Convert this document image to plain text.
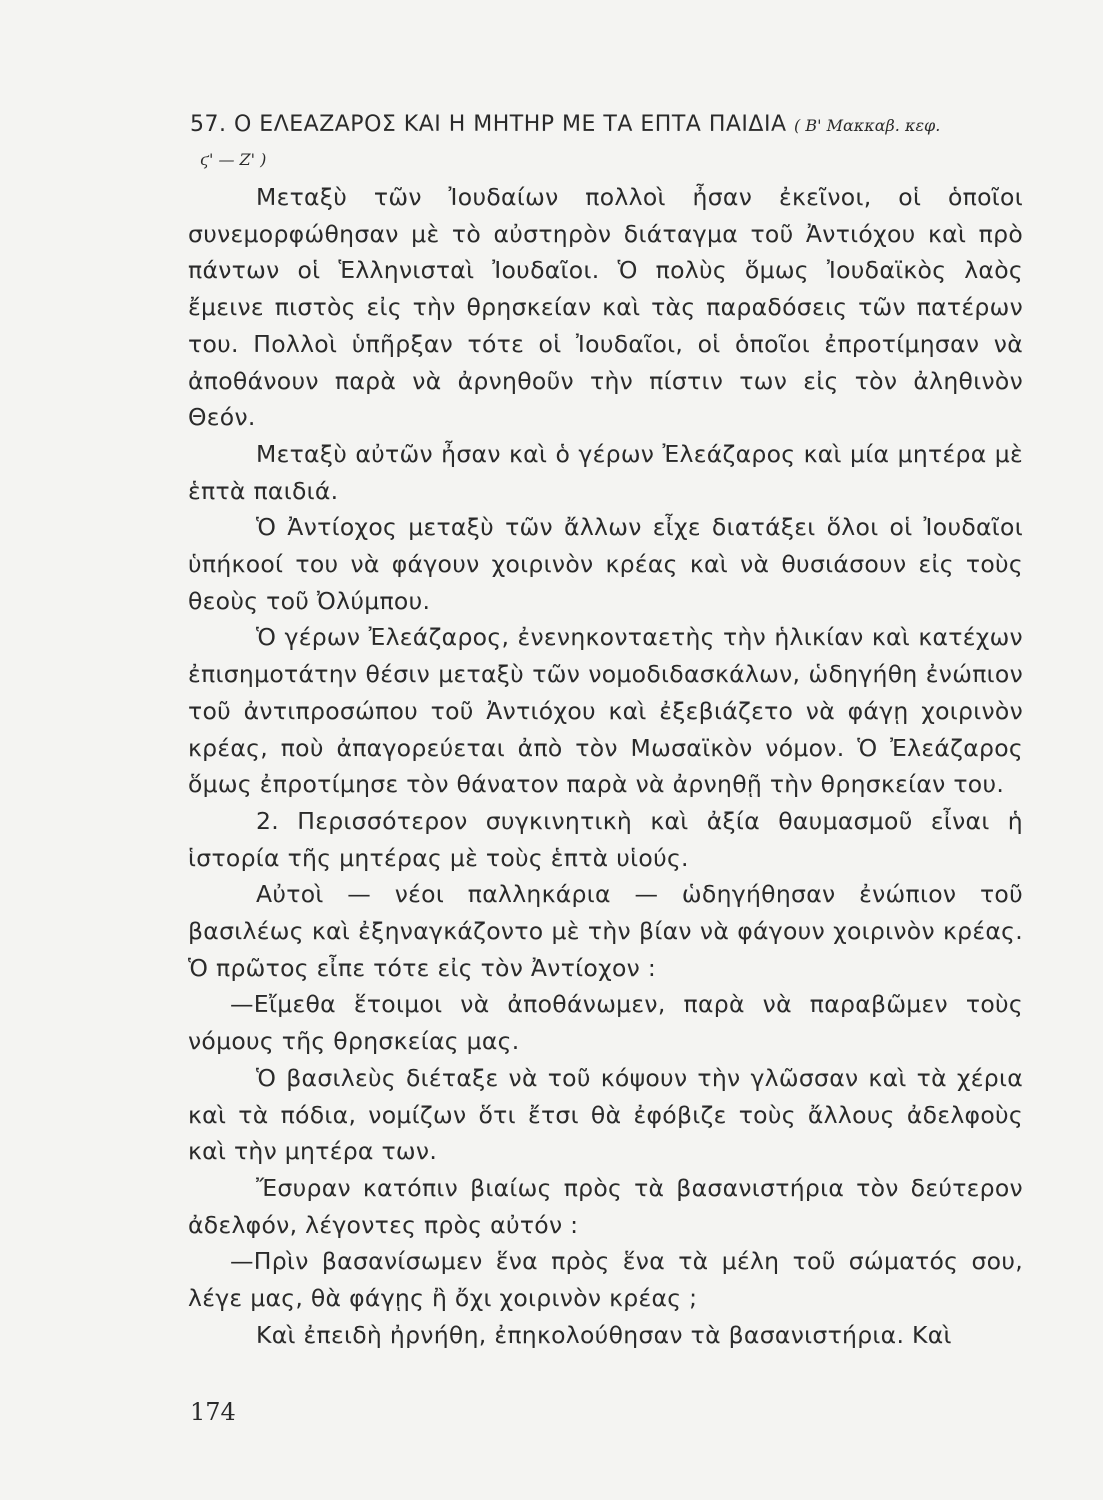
57. Ο ΕΛΕΑΖΑΡΟΣ ΚΑΙ Η ΜΗΤΗΡ ΜΕ ΤΑ ΕΠΤΑ ΠΑΙΔΙΑ ( Β' Μακκαβ. κεφ.
ϛ' — Ζ' )

Μεταξὺ τῶν Ἰουδαίων πολλοὶ ἦσαν ἐκεῖνοι, οἱ ὁποῖοι συνεμορφώθησαν μὲ τὸ αὐστηρὸν διάταγμα τοῦ Ἀντιόχου καὶ πρὸ πάντων οἱ Ἑλληνισταὶ Ἰουδαῖοι. Ὁ πολὺς ὅμως Ἰουδαϊκὸς λαὸς ἔμεινε πιστὸς εἰς τὴν θρησκείαν καὶ τὰς παραδόσεις τῶν πατέρων του. Πολλοὶ ὑπῆρξαν τότε οἱ Ἰουδαῖοι, οἱ ὁποῖοι ἐπροτίμησαν νὰ ἀποθάνουν παρὰ νὰ ἀρνηθοῦν τὴν πίστιν των εἰς τὸν ἀληθινὸν Θεόν.

Μεταξὺ αὐτῶν ἦσαν καὶ ὁ γέρων Ἐλεάζαρος καὶ μία μητέρα μὲ ἑπτὰ παιδιά.

Ὁ Ἀντίοχος μεταξὺ τῶν ἄλλων εἶχε διατάξει ὅλοι οἱ Ἰουδαῖοι ὑπήκοοί του νὰ φάγουν χοιρινὸν κρέας καὶ νὰ θυσιάσουν εἰς τοὺς θεοὺς τοῦ Ὀλύμπου.

Ὁ γέρων Ἐλεάζαρος, ἐνενηκονταετὴς τὴν ἡλικίαν καὶ κατέχων ἐπισημοτάτην θέσιν μεταξὺ τῶν νομοδιδασκάλων, ὡδηγήθη ἐνώπιον τοῦ ἀντιπροσώπου τοῦ Ἀντιόχου καὶ ἐξεβιάζετο νὰ φάγῃ χοιρινὸν κρέας, ποὺ ἀπαγορεύεται ἀπὸ τὸν Μωσαϊκὸν νόμον. Ὁ Ἐλεάζαρος ὅμως ἐπροτίμησε τὸν θάνατον παρὰ νὰ ἀρνηθῇ τὴν θρησκείαν του.

2. Περισσότερον συγκινητικὴ καὶ ἀξία θαυμασμοῦ εἶναι ἡ ἱστορία τῆς μητέρας μὲ τοὺς ἑπτὰ υἱούς.

Αὐτοὶ — νέοι παλληκάρια — ὡδηγήθησαν ἐνώπιον τοῦ βασιλέως καὶ ἐξηναγκάζοντο μὲ τὴν βίαν νὰ φάγουν χοιρινὸν κρέας. Ὁ πρῶτος εἶπε τότε εἰς τὸν Ἀντίοχον :

—Εἴμεθα ἕτοιμοι νὰ ἀποθάνωμεν, παρὰ νὰ παραβῶμεν τοὺς νόμους τῆς θρησκείας μας.

Ὁ βασιλεὺς διέταξε νὰ τοῦ κόψουν τὴν γλῶσσαν καὶ τὰ χέρια καὶ τὰ πόδια, νομίζων ὅτι ἔτσι θὰ ἐφόβιζε τοὺς ἄλλους ἀδελφοὺς καὶ τὴν μητέρα των.

Ἔσυραν κατόπιν βιαίως πρὸς τὰ βασανιστήρια τὸν δεύτερον ἀδελφόν, λέγοντες πρὸς αὐτόν :

—Πρὶν βασανίσωμεν ἕνα πρὸς ἕνα τὰ μέλη τοῦ σώματός σου, λέγε μας, θὰ φάγῃς ἢ ὄχι χοιρινὸν κρέας ;

Καὶ ἐπειδὴ ἠρνήθη, ἐπηκολούθησαν τὰ βασανιστήρια. Καὶ

174
